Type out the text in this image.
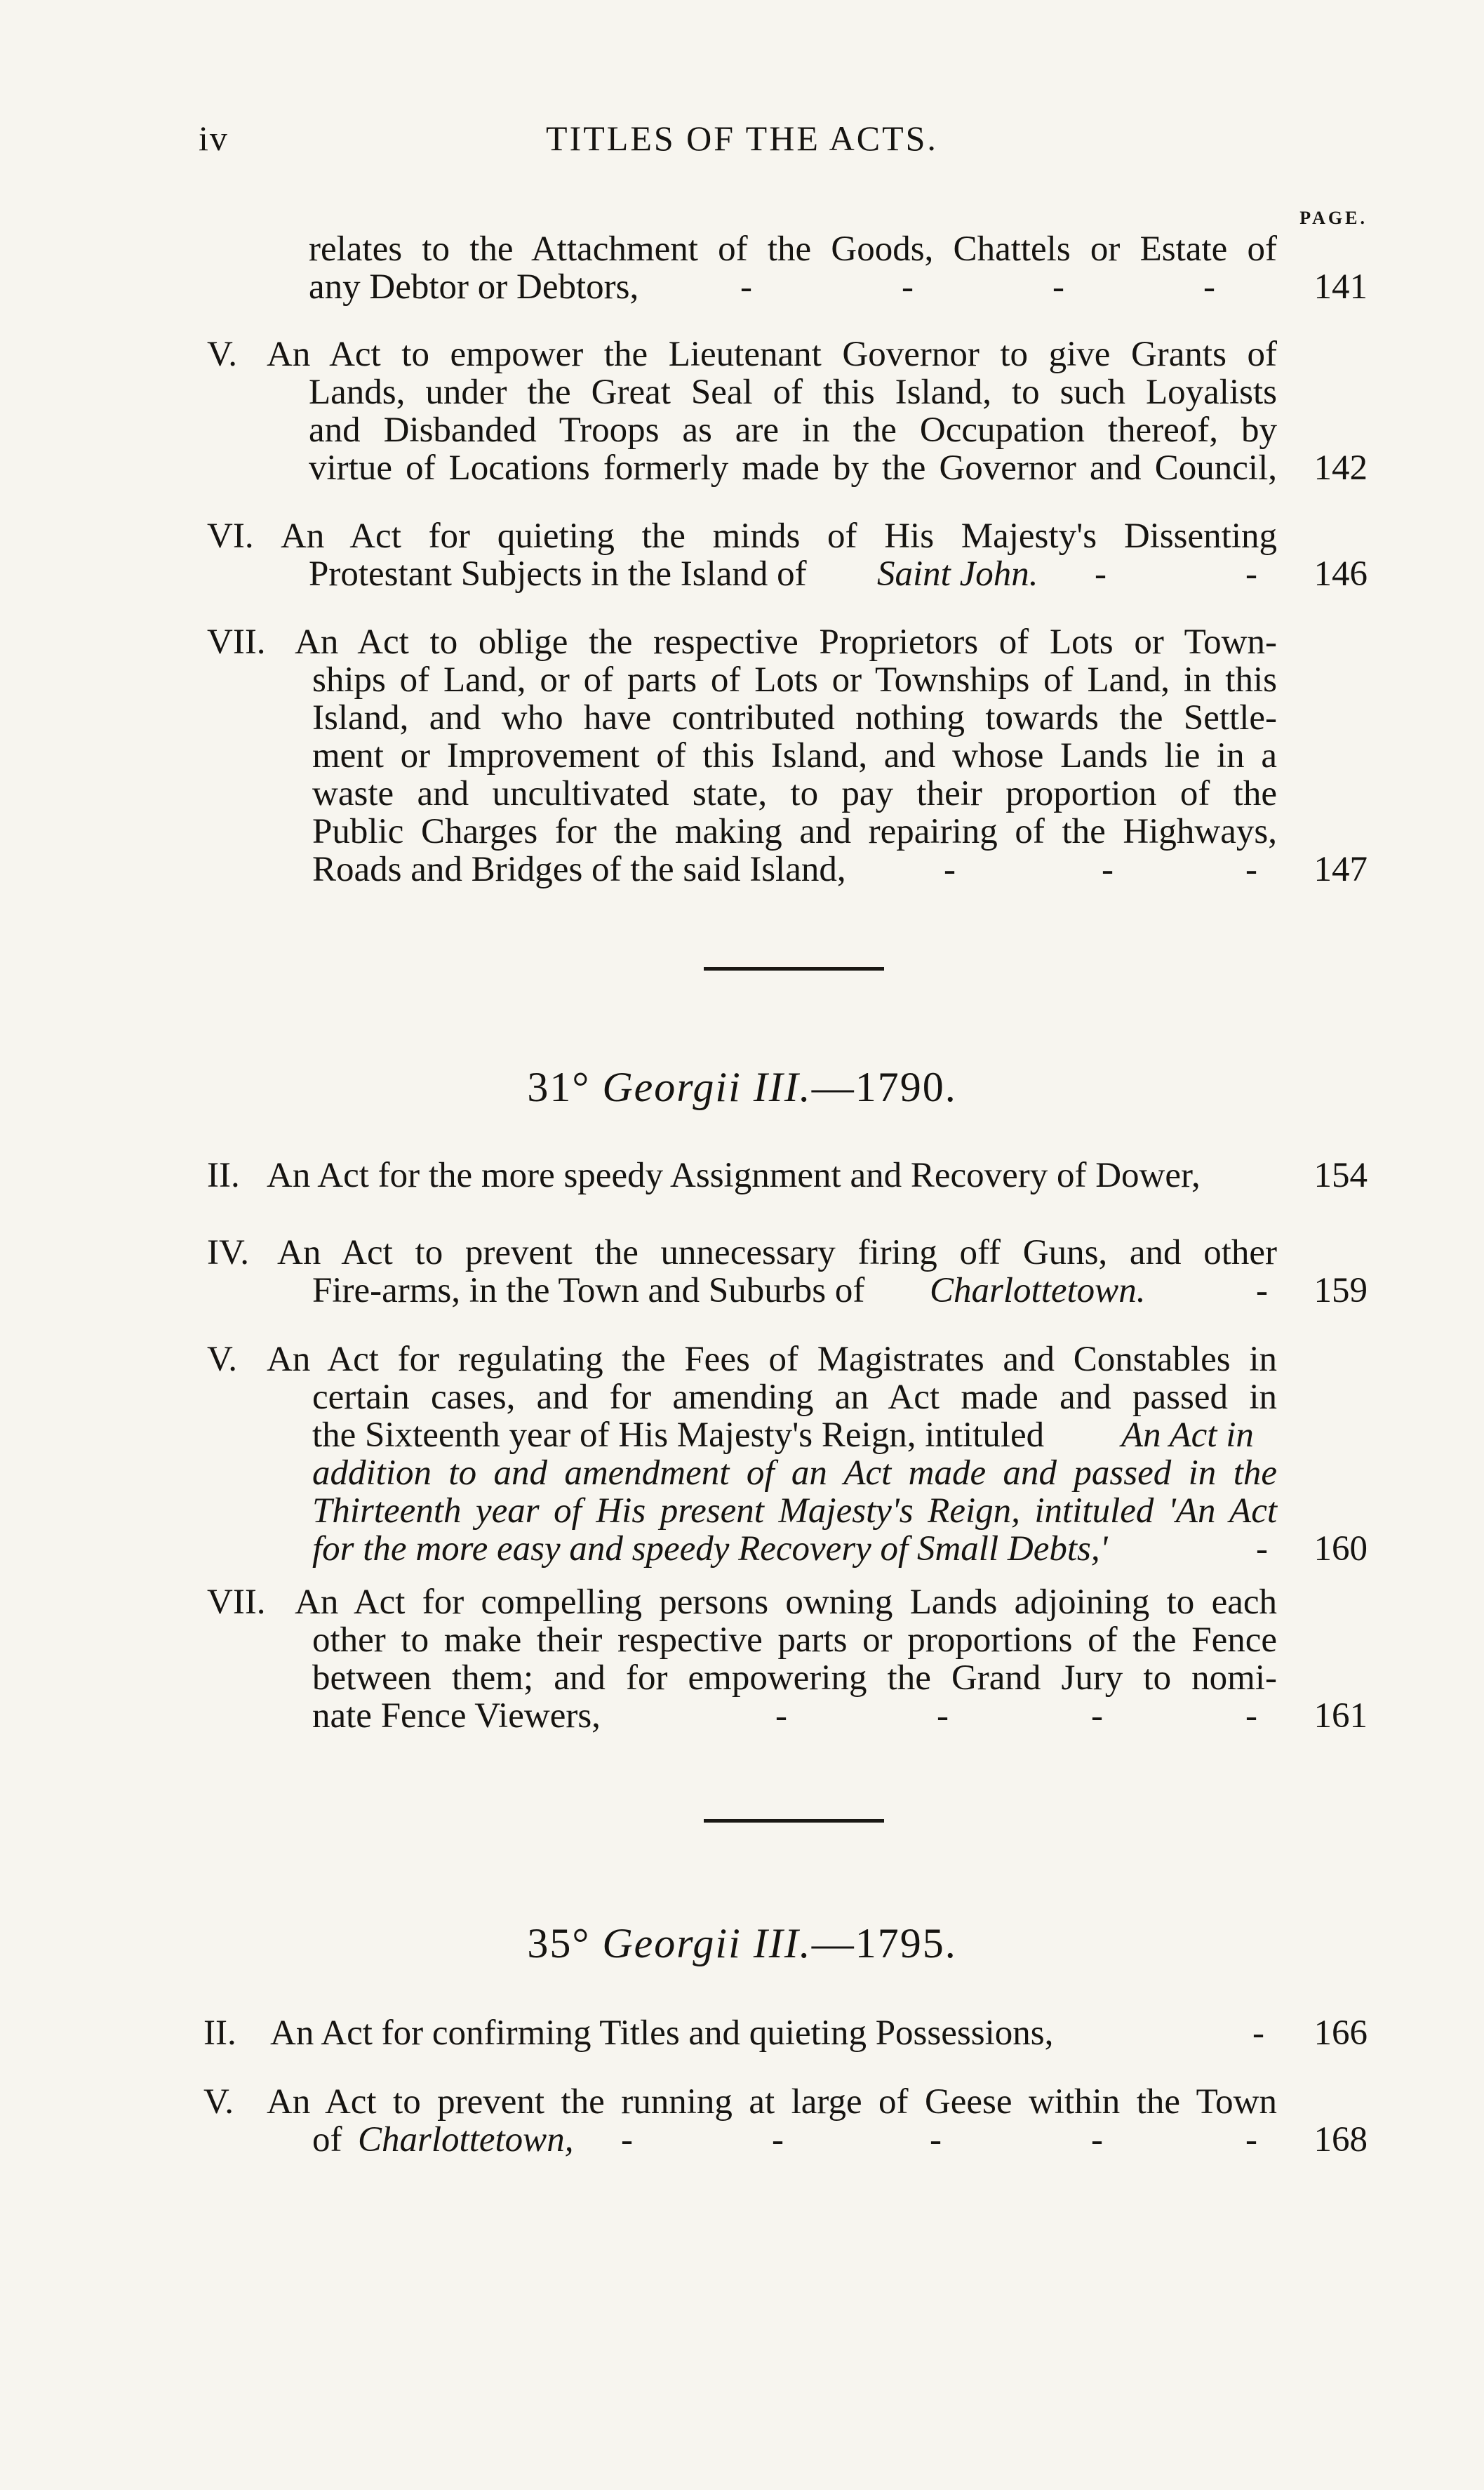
iv	TITLES OF THE ACTS.
PAGE.
relates to the Attachment of the Goods, Chattels or Estate of
any Debtor or Debtors,	-	-	-	-	141
V. An Act to empower the Lieutenant Governor to give Grants of
Lands, under the Great Seal of this Island, to such Loyalists
and Disbanded Troops as are in the Occupation thereof, by
virtue of Locations formerly made by the Governor and Council, 142
VI. An Act for quieting the minds of His Majesty's Dissenting
Protestant Subjects in the Island of Saint John. -	- 146
VII. An Act to oblige the respective Proprietors of Lots or Town-
ships of Land, or of parts of Lots or Townships of Land, in this
Island, and who have contributed nothing towards the Settle-
ment or Improvement of this Island, and whose Lands lie in a
waste and uncultivated state, to pay their proportion of the
Public Charges for the making and repairing of the Highways,
Roads and Bridges of the said Island,	-	-	- 147
31° Georgii III.—1790.
II. An Act for the more speedy Assignment and Recovery of Dower,	154
IV. An Act to prevent the unnecessary firing off Guns, and other
Fire-arms, in the Town and Suburbs of Charlottetown.	- 159
V. An Act for regulating the Fees of Magistrates and Constables in
certain cases, and for amending an Act made and passed in
the Sixteenth year of His Majesty's Reign, intituled An Act in
addition to and amendment of an Act made and passed in the
Thirteenth year of His present Majesty's Reign, intituled 'An Act
for the more easy and speedy Recovery of Small Debts,'	- 160
VII. An Act for compelling persons owning Lands adjoining to each
other to make their respective parts or proportions of the Fence
between them; and for empowering the Grand Jury to nomi-
nate Fence Viewers,	-	-	-	- 161
35° Georgii III.—1795.
II. An Act for confirming Titles and quieting Possessions,	- 166
V. An Act to prevent the running at large of Geese within the Town
of Charlottetown, -	-	-	-	- 168
